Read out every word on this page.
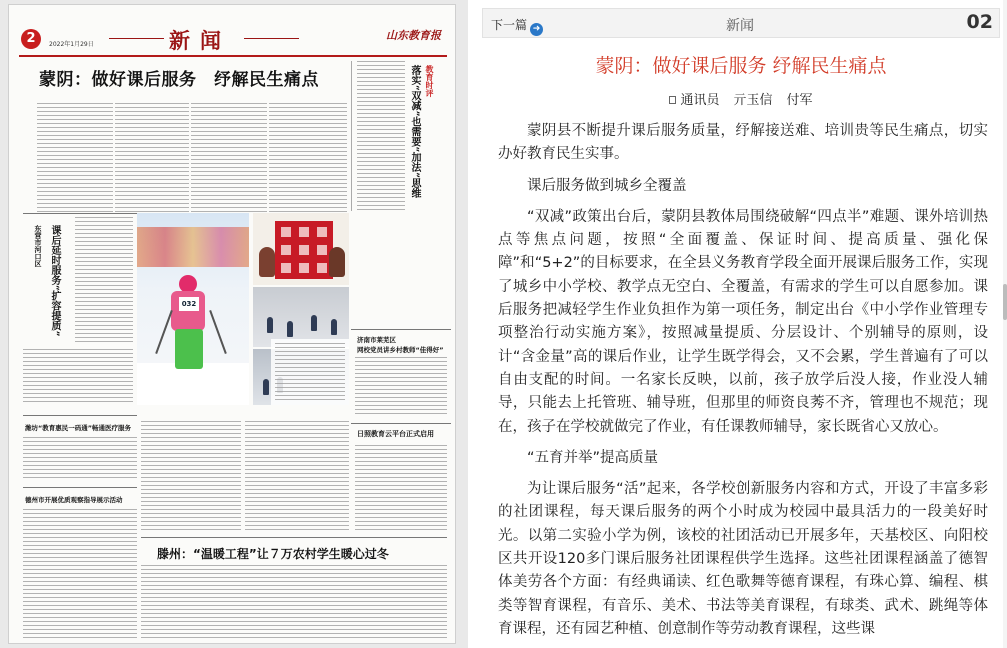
2	2022年1月29日	新闻	山东教育报
蒙阴：做好课后服务　纾解民生痛点	落实“双减”也需要“加法”思维 教育时评
东营市河口区 课后延时服务“扩容提质”	032
济南市莱芜区
网校党员讲乡村教师“佳得好”
日照教育云平台正式启用
潍坊“教育惠民一码通”畅通医疗服务
德州市开展优质观察指导展示活动
滕州：“温暖工程”让７万农村学生暖心过冬
下一篇 ➜	新闻	02
蒙阴：做好课后服务 纾解民生痛点
通讯员 亓玉信 付军

蒙阴县不断提升课后服务质量，纾解接送难、培训贵等民生痛点，切实办好教育民生实事。

课后服务做到城乡全覆盖

“双减”政策出台后，蒙阴县教体局围绕破解“四点半”难题、课外培训热点等焦点问题，按照“全面覆盖、保证时间、提高质量、强化保障”和“5+2”的目标要求，在全县义务教育学段全面开展课后服务工作，实现了城乡中小学校、教学点无空白、全覆盖，有需求的学生可以自愿参加。课后服务把减轻学生作业负担作为第一项任务，制定出台《中小学作业管理专项整治行动实施方案》，按照减量提质、分层设计、个别辅导的原则，设计“含金量”高的课后作业，让学生既学得会，又不会累，学生普遍有了可以自由支配的时间。一名家长反映，以前，孩子放学后没人接，作业没人辅导，只能去上托管班、辅导班，但那里的师资良莠不齐，管理也不规范；现在，孩子在学校就做完了作业，有任课教师辅导，家长既省心又放心。

“五育并举”提高质量

为让课后服务“活”起来，各学校创新服务内容和方式，开设了丰富多彩的社团课程，每天课后服务的两个小时成为校园中最具活力的一段美好时光。以第二实验小学为例，该校的社团活动已开展多年，天基校区、向阳校区共开设120多门课后服务社团课程供学生选择。这些社团课程涵盖了德智体美劳各个方面：有经典诵读、红色歌舞等德育课程，有珠心算、编程、棋类等智育课程，有音乐、美术、书法等美育课程，有球类、武术、跳绳等体育课程，还有园艺种植、创意制作等劳动教育课程，这些课
